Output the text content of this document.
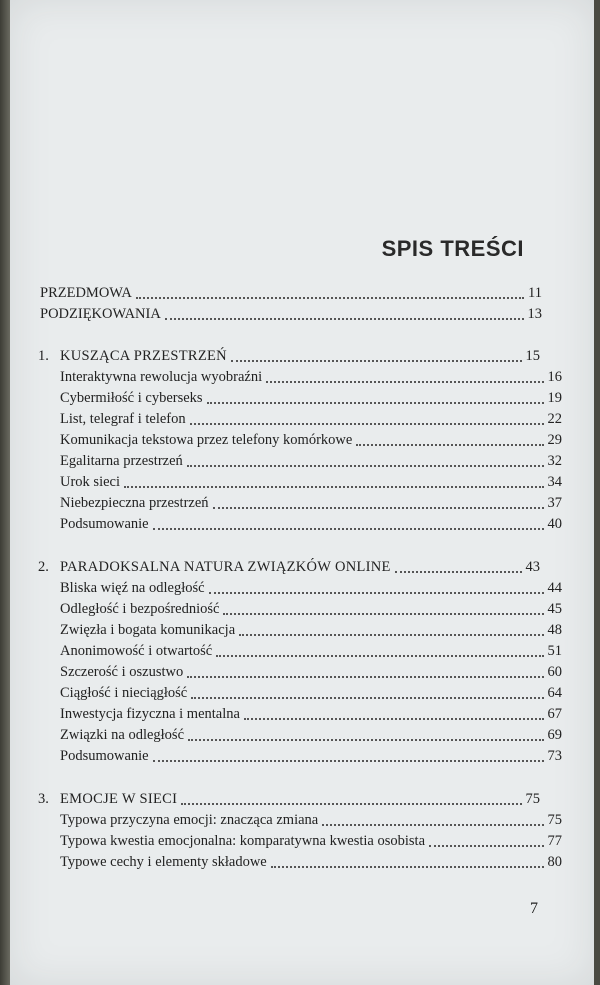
SPIS TREŚCI
PRZEDMOWA	11
PODZIĘKOWANIA	13
1. KUSZĄCA PRZESTRZEŃ	15
Interaktywna rewolucja wyobraźni	16
Cybermiłość i cyberseks	19
List, telegraf i telefon	22
Komunikacja tekstowa przez telefony komórkowe	29
Egalitarna przestrzeń	32
Urok sieci	34
Niebezpieczna przestrzeń	37
Podsumowanie	40
2. PARADOKSALNA NATURA ZWIĄZKÓW ONLINE	43
Bliska więź na odległość	44
Odległość i bezpośredniość	45
Zwięzła i bogata komunikacja	48
Anonimowość i otwartość	51
Szczerość i oszustwo	60
Ciągłość i nieciągłość	64
Inwestycja fizyczna i mentalna	67
Związki na odległość	69
Podsumowanie	73
3. EMOCJE W SIECI	75
Typowa przyczyna emocji: znacząca zmiana	75
Typowa kwestia emocjonalna: komparatywna kwestia osobista	77
Typowe cechy i elementy składowe	80
7
